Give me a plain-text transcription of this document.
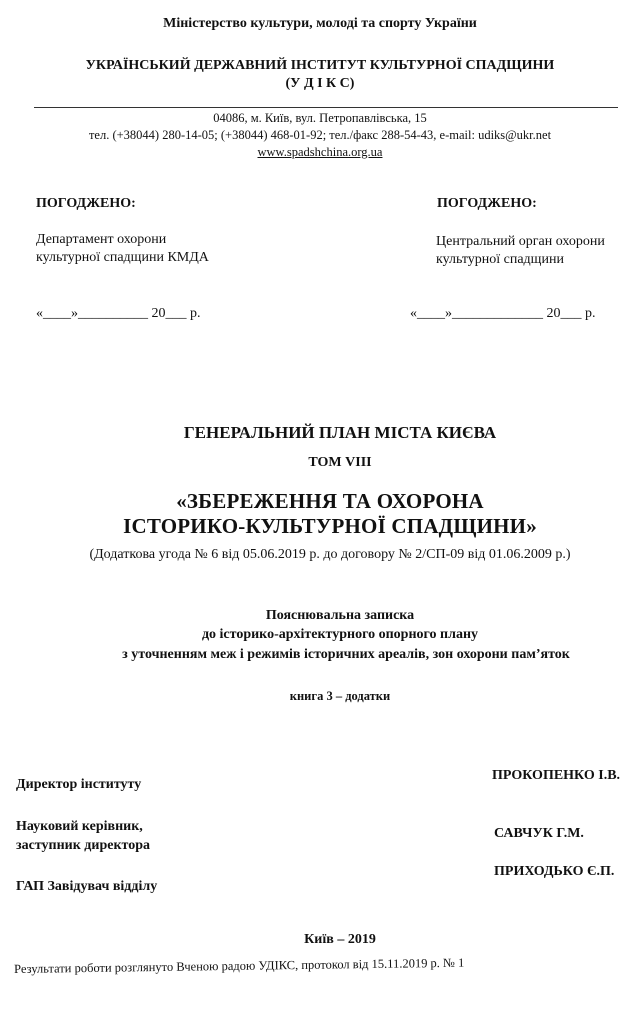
Міністерство культури, молоді та спорту України
УКРАЇНСЬКИЙ ДЕРЖАВНИЙ ІНСТИТУТ КУЛЬТУРНОЇ СПАДЩИНИ
(У Д І К С)
04086, м. Київ, вул. Петропавлівська, 15
тел. (+38044) 280-14-05; (+38044) 468-01-92; тел./факс 288-54-43, e-mail: udiks@ukr.net
www.spadshchina.org.ua
ПОГОДЖЕНО:
Департамент охорони
культурної спадщини КМДА
«____»__________ 20___ р.
ПОГОДЖЕНО:
Центральний орган охорони
культурної спадщини
«____»_____________ 20___ р.
ГЕНЕРАЛЬНИЙ ПЛАН МІСТА КИЄВА
ТОМ VIII
«ЗБЕРЕЖЕННЯ ТА ОХОРОНА
ІСТОРИКО-КУЛЬТУРНОЇ СПАДЩИНИ»
(Додаткова угода № 6 від 05.06.2019 р. до договору № 2/СП-09 від 01.06.2009 р.)
Пояснювальна записка
до історико-архітектурного опорного плану
з уточненням меж і режимів історичних ареалів, зон охорони пам’яток
книга 3 – додатки
Директор інституту
ПРОКОПЕНКО І.В.
Науковий керівник,
заступник директора
САВЧУК Г.М.
ГАП Завідувач відділу
ПРИХОДЬКО Є.П.
Київ – 2019
Результати роботи розглянуто Вченою радою УДІКС, протокол від 15.11.2019 р. № 1
